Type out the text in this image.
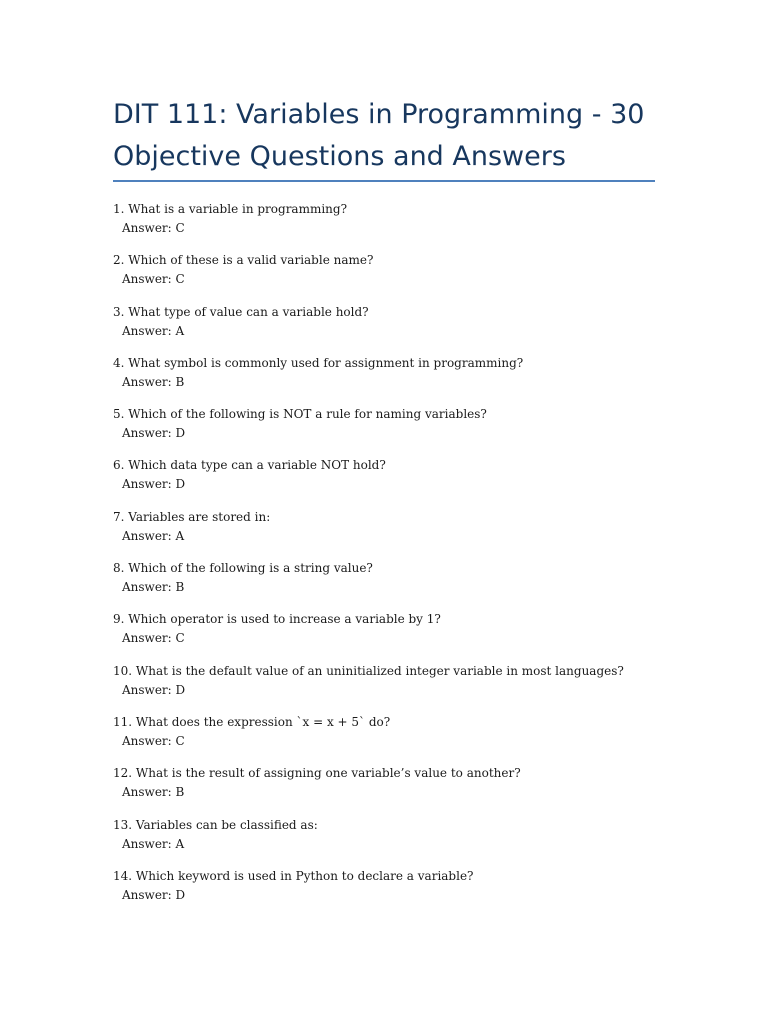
DIT 111: Variables in Programming - 30 Objective Questions and Answers
1. What is a variable in programming?
Answer: C
2. Which of these is a valid variable name?
Answer: C
3. What type of value can a variable hold?
Answer: A
4. What symbol is commonly used for assignment in programming?
Answer: B
5. Which of the following is NOT a rule for naming variables?
Answer: D
6. Which data type can a variable NOT hold?
Answer: D
7. Variables are stored in:
Answer: A
8. Which of the following is a string value?
Answer: B
9. Which operator is used to increase a variable by 1?
Answer: C
10. What is the default value of an uninitialized integer variable in most languages?
Answer: D
11. What does the expression `x = x + 5` do?
Answer: C
12. What is the result of assigning one variable’s value to another?
Answer: B
13. Variables can be classified as:
Answer: A
14. Which keyword is used in Python to declare a variable?
Answer: D
